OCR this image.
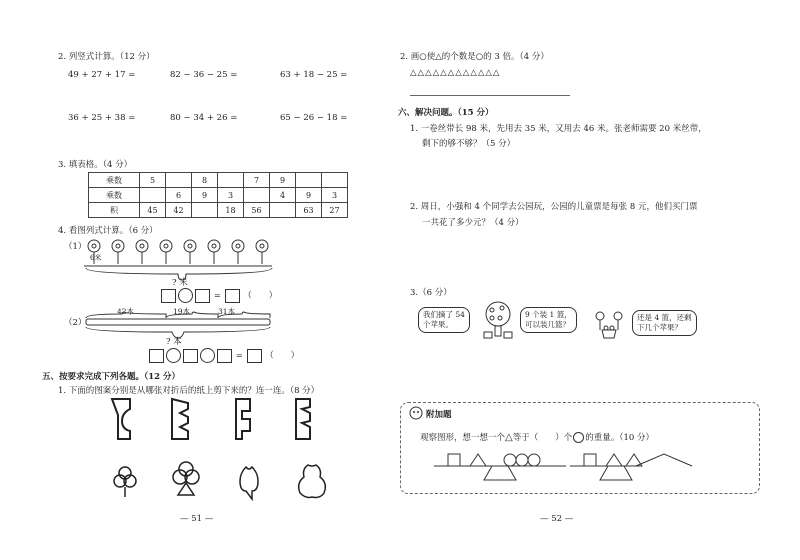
2. 列竖式计算。（12 分）
49 + 27 + 17 =	82 − 36 − 25 =	63 + 18 − 25 =
36 + 25 + 38 =	80 − 34 + 26 =	65 − 26 − 18 =
3. 填表格。（4 分）
乘数	5		8		7	9		
乘数		6	9	3		4	9	3
积	45	42		18	56		63	27
4. 看图列式计算。（6 分）
（1）
6米
? 米
=  （　　）
（2）
42本	19本	31本
? 本
=  （　　）
五、按要求完成下列各题。（12 分）
1. 下面的图案分别是从哪张对折后的纸上剪下来的？连一连。（8 分）
— 51 —
2. 画○使△的个数是○的 3 倍。（4 分）
△△△△△△△△△△△△
六、解决问题。（15 分）
1. 一卷丝带长 98 米，先用去 35 米，又用去 46 米。张老师需要 20 米丝带，
剩下的够不够？（5 分）
2. 周日，小强和 4 个同学去公园玩，公园的儿童票是每张 8 元，他们买门票
一共花了多少元？（4 分）
3.（6 分）
我们摘了 54
个苹果。
9 个装 1 篮，
可以装几篮？
还是 4 篮，还剩
下几个苹果？
附加题
观察图形，想一想一个△等于（　　）个 的重量。（10 分）
— 52 —
